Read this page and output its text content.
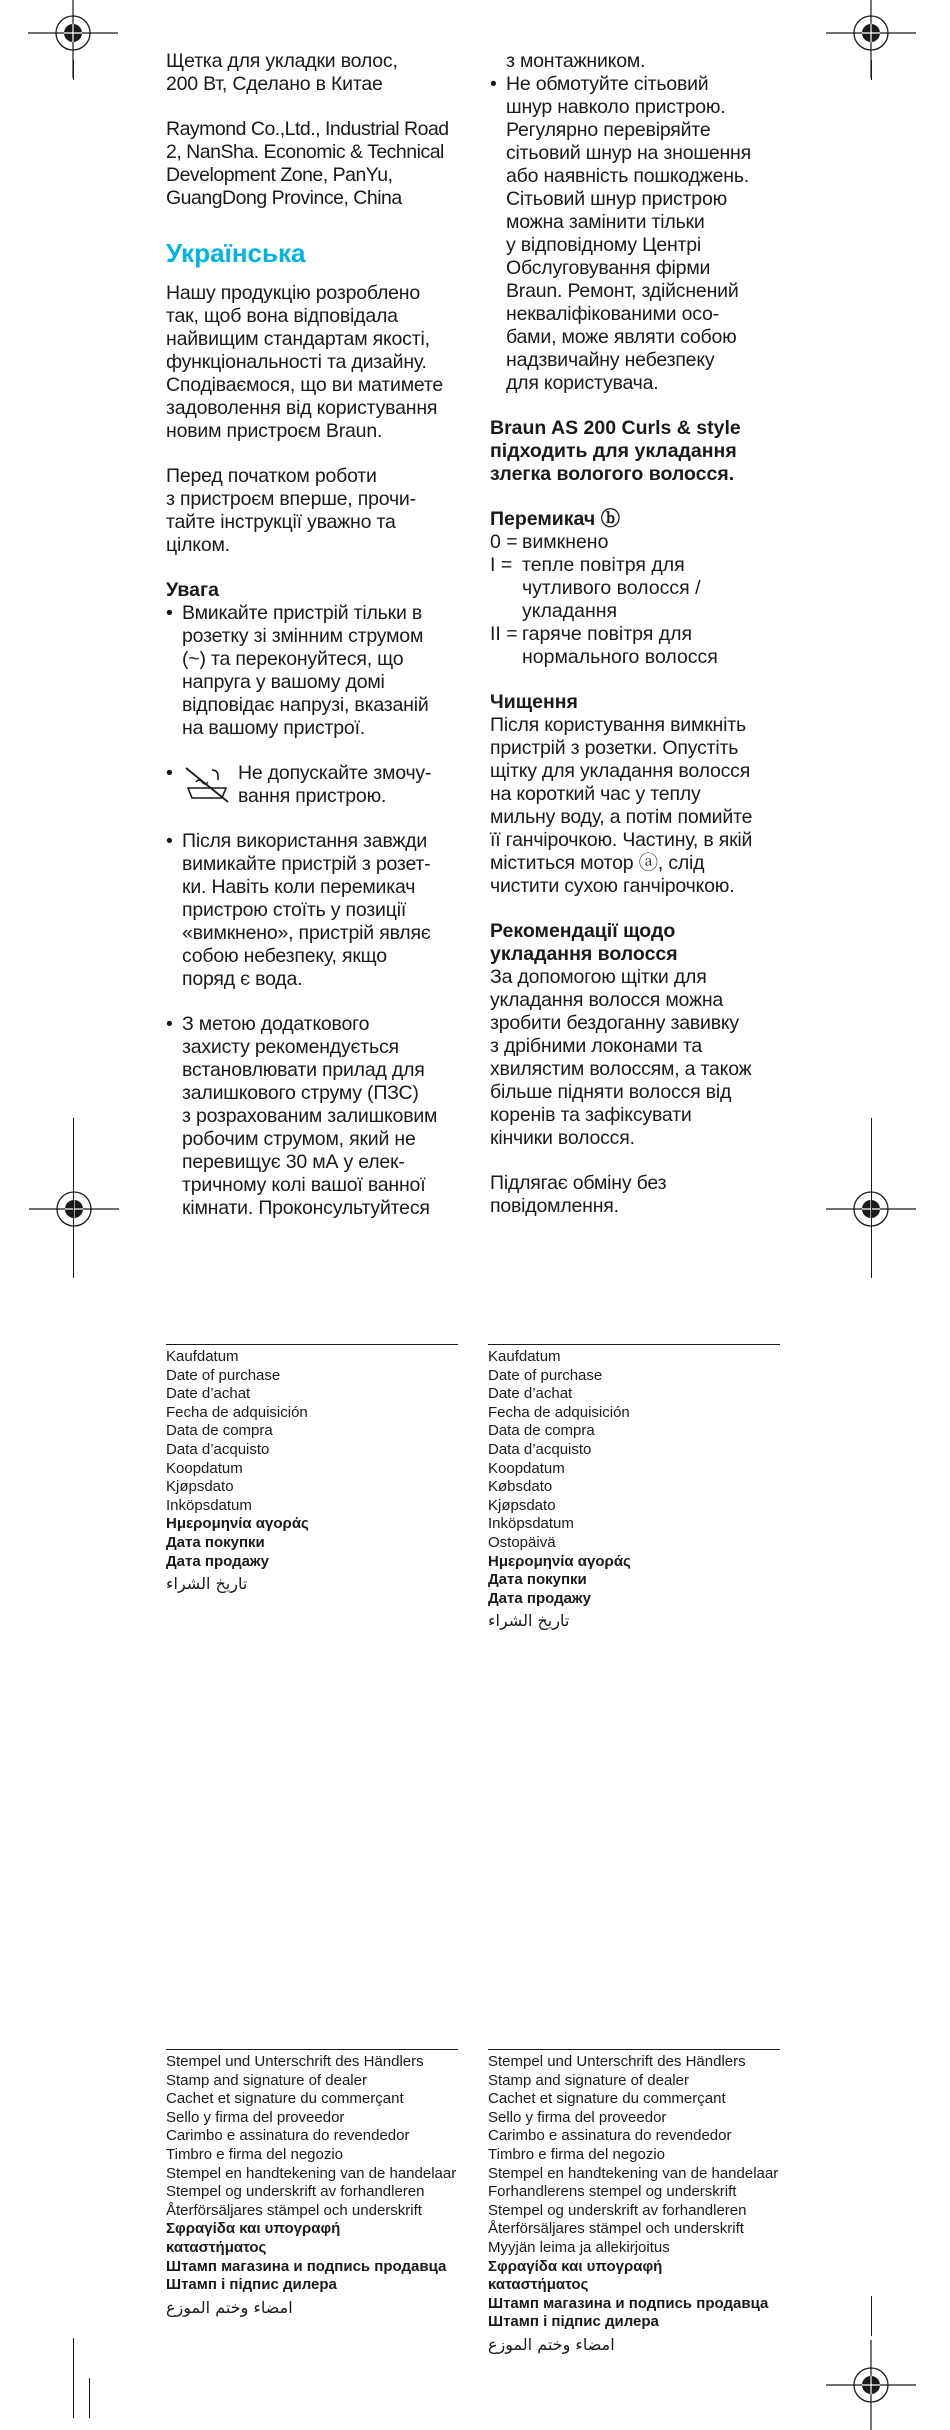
Щетка для укладки волос,
200 Вт, Сделано в Китае

Raymond Co.,Ltd., Industrial Road
2, NanSha. Economic & Technical
Development Zone, PanYu,
GuangDong Province, China

Українська

Нашу продукцію розроблено
так, щоб вона відповідала
найвищим стандартам якості,
функціональності та дизайну.
Сподіваємося, що ви матимете
задоволення від користування
новим пристроєм Braun.

Перед початком роботи
з пристроєм вперше, прочи-
тайте інструкції уважно та
цілком.

Увага

• Вмикайте пристрій тільки в
розетку зі змінним струмом
(~) та переконуйтеся, що
напруга у вашому домі
відповідає напрузі, вказаній
на вашому пристрої.

•	Не допускайте змочу-
вання пристрою.

• Після використання завжди
вимикайте пристрій з розет-
ки. Навіть коли перемикач
пристрою стоїть у позиції
«вимкнено», пристрій являє
собою небезпеку, якщо
поряд є вода.

• З метою додаткового
захисту рекомендується
встановлювати прилад для
залишкового струму (ПЗС)
з розрахованим залишковим
робочим струмом, який не
перевищує 30 мА у елек-
тричному колі вашої ванної
кімнати. Проконсультуйтеся

з монтажником.

• Не обмотуйте сітьовий
шнур навколо пристрою.
Регулярно перевіряйте
сітьовий шнур на зношення
або наявність пошкоджень.
Сітьовий шнур пристрою
можна замінити тільки
у відповідному Центрі
Обслуговування фірми
Braun. Ремонт, здійснений
некваліфікованими осо-
бами, може являти собою
надзвичайну небезпеку
для користувача.

Braun AS 200 Curls & style
підходить для укладання
злегка вологого волосся.

Перемикач ⓑ

0 = вимкнено
I = тепле повітря для
чутливого волосся /
укладання
II = гаряче повітря для
нормального волосся

Чищення

Після користування вимкніть
пристрій з розетки. Опустіть
щітку для укладання волосся
на короткий час у теплу
мильну воду, а потім помийте
її ганчірочкою. Частину, в якій
міститься мотор ⓐ, слід
чистити сухою ганчірочкою.

Рекомендації щодо
укладання волосся

За допомогою щітки для
укладання волосся можна
зробити бездоганну завивку
з дрібними локонами та
хвилястим волоссям, а також
більше підняти волосся від
коренів та зафіксувати
кінчики волосся.

Підлягає обміну без
повідомлення.

Kaufdatum

Date of purchase

Date d’achat

Fecha de adquisición

Data de compra

Data d’acquisto

Koopdatum

Kjøpsdato

Inköpsdatum

Ημερομηνία αγοράς

Дата покупки

Дата продажу

تاريخ الشراء

Kaufdatum

Date of purchase

Date d’achat

Fecha de adquisición

Data de compra

Data d’acquisto

Koopdatum

Købsdato

Kjøpsdato

Inköpsdatum

Ostopäivä

Ημερομηνία αγοράς

Дата покупки

Дата продажу

تاريخ الشراء

Stempel und Unterschrift des Händlers

Stamp and signature of dealer

Cachet et signature du commerçant

Sello y firma del proveedor

Carimbo e assinatura do revendedor

Timbro e firma del negozio

Stempel en handtekening van de handelaar

Stempel og underskrift av forhandleren

Återförsäljares stämpel och underskrift

Σφραγίδα και υπογραφή

καταστήματος

Штамп магазина и подпись продавца

Штамп і підпис дилера

امضاء وختم الموزع

Stempel und Unterschrift des Händlers

Stamp and signature of dealer

Cachet et signature du commerçant

Sello y firma del proveedor

Carimbo e assinatura do revendedor

Timbro e firma del negozio

Stempel en handtekening van de handelaar

Forhandlerens stempel og underskrift

Stempel og underskrift av forhandleren

Återförsäljares stämpel och underskrift

Myyjän leima ja allekirjoitus

Σφραγίδα και υπογραφή

καταστήματος

Штамп магазина и подпись продавца

Штамп і підпис дилера

امضاء وختم الموزع
